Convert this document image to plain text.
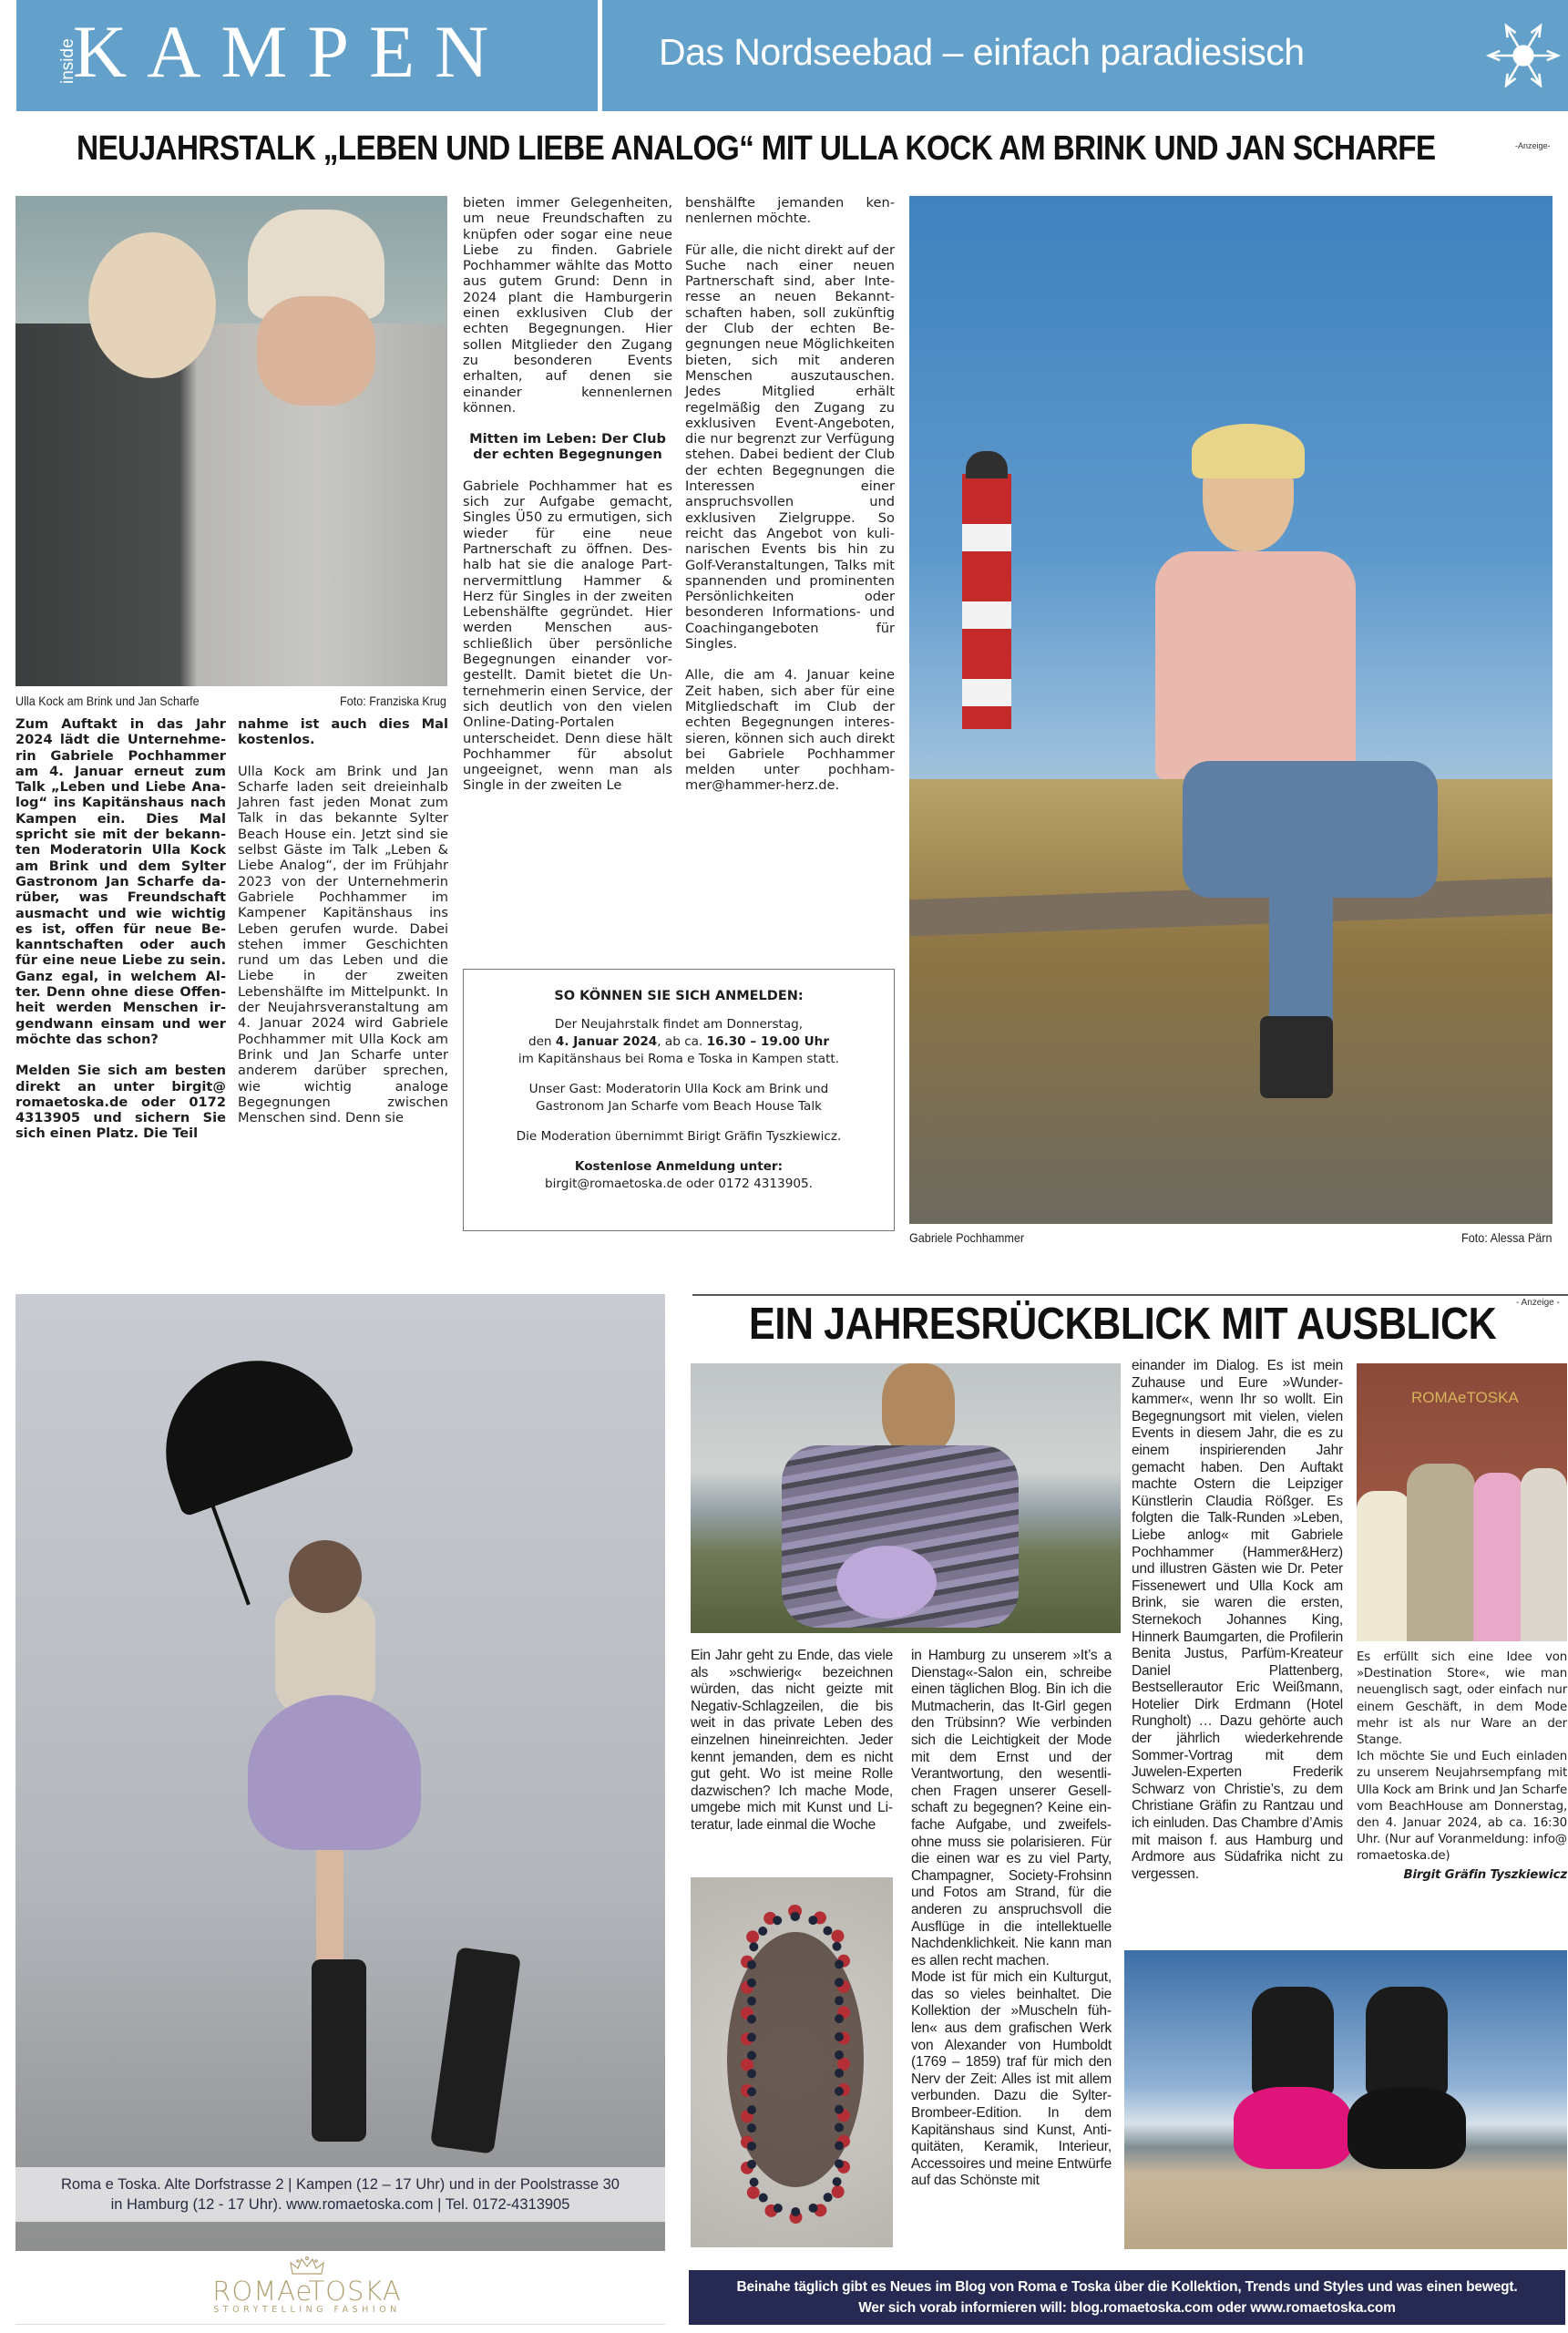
inside
KAMPEN	Das Nordseebad – einfach paradiesisch
NEUJAHRSTALK „LEBEN UND LIEBE ANALOG“ MIT ULLA KOCK AM BRINK UND JAN SCHARFE	-Anzeige-
Ulla Kock am Brink und Jan Scharfe	Foto: Franziska Krug

Zum Auftakt in das Jahr 2024 lädt die Unternehmerin Gabriele Pochhammer am 4. Januar erneut zum Talk „Leben und Liebe Analog“ ins Kapitänshaus nach Kampen ein. Dies Mal spricht sie mit der bekannten Moderatorin Ulla Kock am Brink und dem Sylter Gastronom Jan Scharfe darüber, was Freundschaft ausmacht und wie wichtig es ist, offen für neue Bekanntschaften oder auch für eine neue Liebe zu sein. Ganz egal, in welchem Alter. Denn ohne diese Offenheit werden Menschen irgendwann einsam und wer möchte das schon?

Melden Sie sich am besten direkt an unter birgit@ romaetoska.de oder 0172 4313905 und sichern Sie sich einen Platz. Die Teil

nahme ist auch dies Mal kostenlos.

Ulla Kock am Brink und Jan Scharfe laden seit dreieinhalb Jahren fast jeden Monat zum Talk in das bekannte Sylter Beach House ein. Jetzt sind sie selbst Gäste im Talk „Leben & Liebe Analog“, der im Frühjahr 2023 von der Unternehmerin Gabriele Pochhammer im Kampener Kapitänshaus ins Leben gerufen wurde. Dabei stehen immer Geschichten rund um das Leben und die Liebe in der zweiten Lebenshälfte im Mittelpunkt. In der Neujahrsveranstaltung am 4. Januar 2024 wird Gabriele Pochhammer mit Ulla Kock am Brink und Jan Scharfe unter anderem darüber sprechen, wie wichtig analoge Begegnungen zwischen Menschen sind. Denn sie

bieten immer Gelegenheiten, um neue Freundschaften zu knüpfen oder sogar eine neue Liebe zu finden. Gabriele Pochhammer wählte das Motto aus gutem Grund: Denn in 2024 plant die Hamburgerin einen exklusiven Club der echten Begegnungen. Hier sollen Mitglieder den Zugang zu besonderen Events erhalten, auf denen sie einander kennenlernen können.

Mitten im Leben: Der Club der echten Begegnungen

Gabriele Pochhammer hat es sich zur Aufgabe gemacht, Singles Ü50 zu ermutigen, sich wieder für eine neue Partnerschaft zu öffnen. Deshalb hat sie die analoge Partnervermittlung Hammer & Herz für Singles in der zweiten Lebenshälfte gegründet. Hier werden Menschen ausschließlich über persönliche Begegnungen einander vorgestellt. Damit bietet die Unternehmerin einen Service, der sich deutlich von den vielen Online-Dating-Portalen unterscheidet. Denn diese hält Pochhammer für absolut ungeeignet, wenn man als Single in der zweiten Le

benshälfte jemanden kennenlernen möchte.

Für alle, die nicht direkt auf der Suche nach einer neuen Partnerschaft sind, aber Interesse an neuen Bekanntschaften haben, soll zukünftig der Club der echten Begegnungen neue Möglichkeiten bieten, sich mit anderen Menschen auszutauschen. Jedes Mitglied erhält regelmäßig den Zugang zu exklusiven Event-Angeboten, die nur begrenzt zur Verfügung stehen. Dabei bedient der Club der echten Begegnungen die Interessen einer anspruchsvollen und exklusiven Zielgruppe. So reicht das Angebot von kulinarischen Events bis hin zu Golf-Veranstaltungen, Talks mit spannenden und prominenten Persönlichkeiten oder besonderen Informations- und Coachingangeboten für Singles.

Alle, die am 4. Januar keine Zeit haben, sich aber für eine Mitgliedschaft im Club der echten Begegnungen interessieren, können sich auch direkt bei Gabriele Pochhammer melden unter pochhammer@hammer-herz.de.

SO KÖNNEN SIE SICH ANMELDEN:
Der Neujahrstalk findet am Donnerstag,
den 4. Januar 2024, ab ca. 16.30 – 19.00 Uhr
im Kapitänshaus bei Roma e Toska in Kampen statt.
Unser Gast: Moderatorin Ulla Kock am Brink und
Gastronom Jan Scharfe vom Beach House Talk
Die Moderation übernimmt Birigt Gräfin Tyszkiewicz.
Kostenlose Anmeldung unter:
birgit@romaetoska.de oder 0172 4313905.
Gabriele Pochhammer	Foto: Alessa Pärn
Roma e Toska. Alte Dorfstrasse 2 | Kampen (12 – 17 Uhr) und in der Poolstrasse 30
in Hamburg (12 - 17 Uhr). www.romaetoska.com | Tel. 0172-4313905
ROMAeTOSKA
STORYTELLING FASHION
EIN JAHRESRÜCKBLICK MIT AUSBLICK - Anzeige -
ROMAeTOSKA

Ein Jahr geht zu Ende, das viele als »schwierig« bezeichnen würden, das nicht geizte mit Negativ-Schlagzeilen, die bis weit in das private Leben des einzelnen hineinreichten. Jeder kennt jemanden, dem es nicht gut geht. Wo ist meine Rolle dazwischen? Ich mache Mode, umgebe mich mit Kunst und Literatur, lade einmal die Woche

in Hamburg zu unserem »It’s a Dienstag«-Salon ein, schreibe einen täglichen Blog. Bin ich die Mutmacherin, das It-Girl gegen den Trübsinn? Wie verbinden sich die Leichtigkeit der Mode mit dem Ernst und der Verantwortung, den wesentlichen Fragen unserer Gesellschaft zu begegnen? Keine einfache Aufgabe, und zweifelsohne muss sie polarisieren. Für die einen war es zu viel Party, Champagner, Society-Frohsinn und Fotos am Strand, für die anderen zu anspruchsvoll die Ausflüge in die intellektuelle Nachdenklichkeit. Nie kann man es allen recht machen.

Mode ist für mich ein Kulturgut, das so vieles beinhaltet. Die Kollektion der »Muscheln fühlen« aus dem grafischen Werk von Alexander von Humboldt (1769 – 1859) traf für mich den Nerv der Zeit: Alles ist mit allem verbunden. Dazu die Sylter-Brombeer-Edition. In dem Kapitänshaus sind Kunst, Antiquitäten, Keramik, Interieur, Accessoires und meine Entwürfe auf das Schönste mit

einander im Dialog. Es ist mein Zuhause und Eure »Wunderkammer«, wenn Ihr so wollt. Ein Begegnungsort mit vielen, vielen Events in diesem Jahr, die es zu einem inspirierenden Jahr gemacht haben. Den Auftakt machte Ostern die Leipziger Künstlerin Claudia Rößger. Es folgten die Talk-Runden »Leben, Liebe anlog« mit Gabriele Pochhammer (Hammer&Herz) und illustren Gästen wie Dr. Peter Fissenewert und Ulla Kock am Brink, sie waren die ersten, Sternekoch Johannes King, Hinnerk Baumgarten, die Profilerin Benita Justus, Parfüm-Kreateur Daniel Plattenberg, Bestsellerautor Eric Weißmann, Hotelier Dirk Erdmann (Hotel Rungholt) … Dazu gehörte auch der jährlich wiederkehrende Sommer-Vortrag mit dem Juwelen-Experten Frederik Schwarz von Christie’s, zu dem Christiane Gräfin zu Rantzau und ich einluden. Das Chambre d’Amis mit maison f. aus Hamburg und Ardmore aus Südafrika nicht zu vergessen.

Es erfüllt sich eine Idee von »Destination Store«, wie man neuenglisch sagt, oder einfach nur einem Geschäft, in dem Mode mehr ist als nur Ware an der Stange.

Ich möchte Sie und Euch einladen zu unserem Neujahrsempfang mit Ulla Kock am Brink und Jan Scharfe vom BeachHouse am Donnerstag, den 4. Januar 2024, ab ca. 16:30 Uhr. (Nur auf Voranmeldung: info@ romaetoska.de)

Birgit Gräfin Tyszkiewicz

Beinahe täglich gibt es Neues im Blog von Roma e Toska über die Kollektion, Trends und Styles und was einen bewegt.
Wer sich vorab informieren will: blog.romaetoska.com oder www.romaetoska.com
